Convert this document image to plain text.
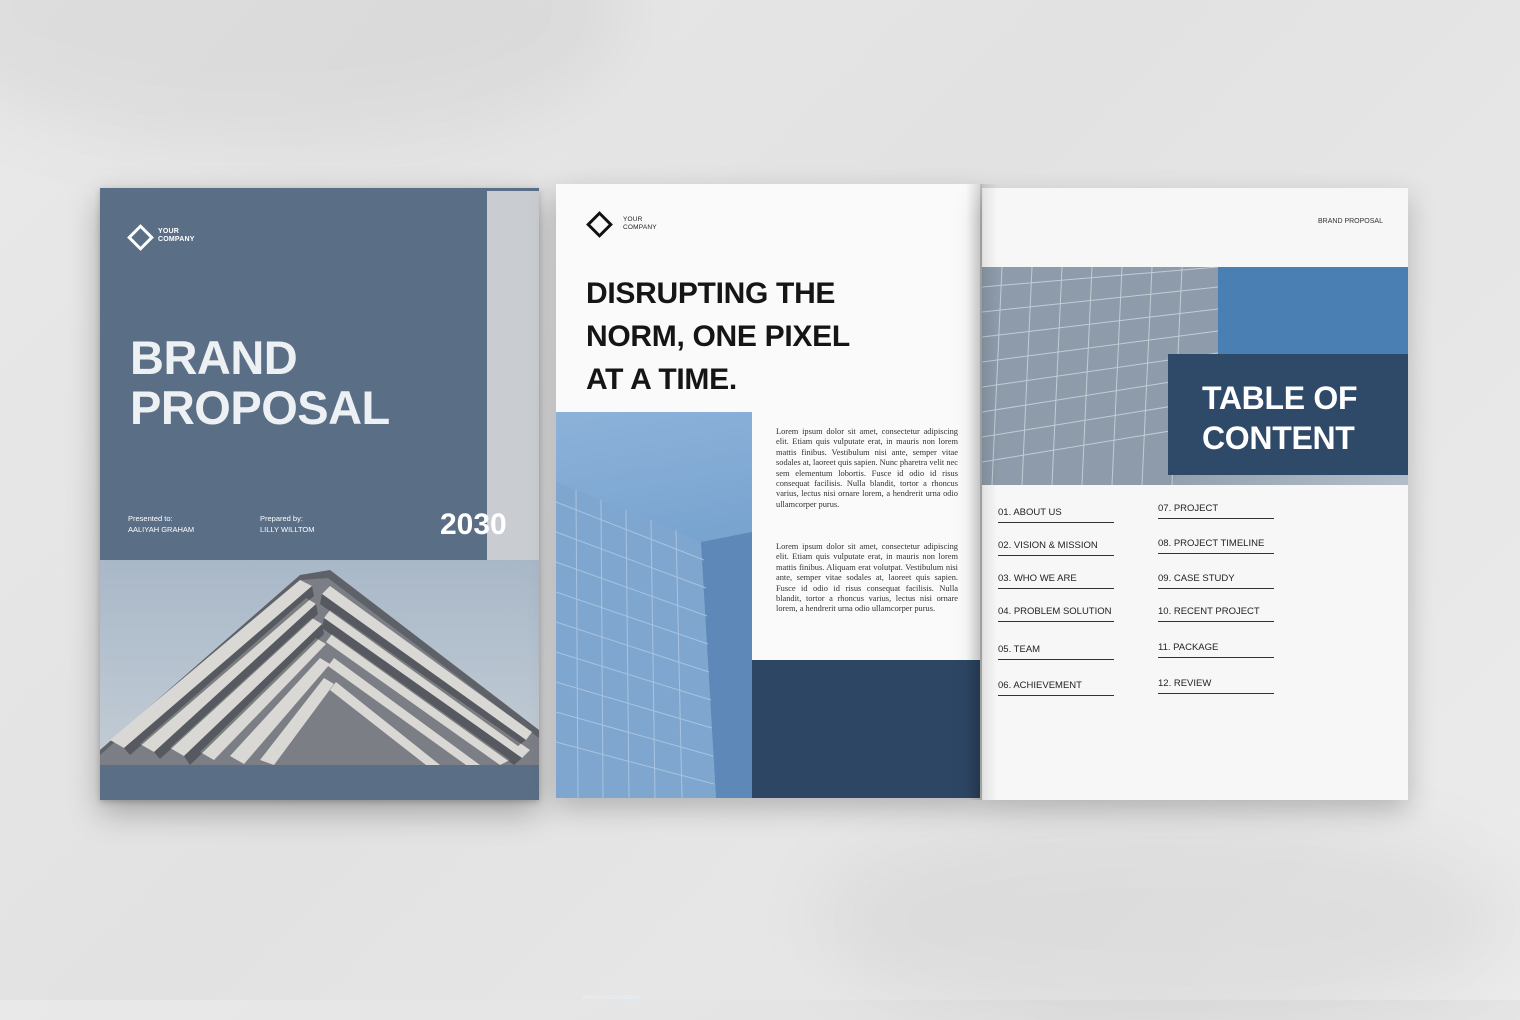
YOUR
COMPANY
BRAND
PROPOSAL
Presented to:
AALIYAH GRAHAM
Prepared by:
LILLY WILLTOM	2030
YOUR
COMPANY
DISRUPTING THE
NORM, ONE PIXEL
AT A TIME.
www.yourcompany
Lorem ipsum dolor sit amet, consectetur adipiscing elit. Etiam quis vulputate erat, in mauris non lorem mattis finibus. Vestibulum nisi ante, semper vitae sodales at, laoreet quis sapien. Nunc pharetra velit nec sem elementum lobortis. Fusce id odio id risus consequat facilisis. Nulla blandit, tortor a rhoncus varius, lectus nisi ornare lorem, a hendrerit urna odio ullamcorper purus.
Lorem ipsum dolor sit amet, consectetur adipiscing elit. Etiam quis vulputate erat, in mauris non lorem mattis finibus. Aliquam erat volutpat. Vestibulum nisi ante, semper vitae sodales at, laoreet quis sapien. Fusce id odio id risus consequat facilisis. Nulla blandit, tortor a rhoncus varius, lectus nisi ornare lorem, a hendrerit urna odio ullamcorper purus.
BRAND PROPOSAL
TABLE OF
CONTENT
01. ABOUT US
02. VISION & MISSION
03. WHO WE ARE
04. PROBLEM SOLUTION
05. TEAM
06. ACHIEVEMENT
07. PROJECT
08. PROJECT TIMELINE
09. CASE STUDY
10. RECENT PROJECT
11. PACKAGE
12. REVIEW
